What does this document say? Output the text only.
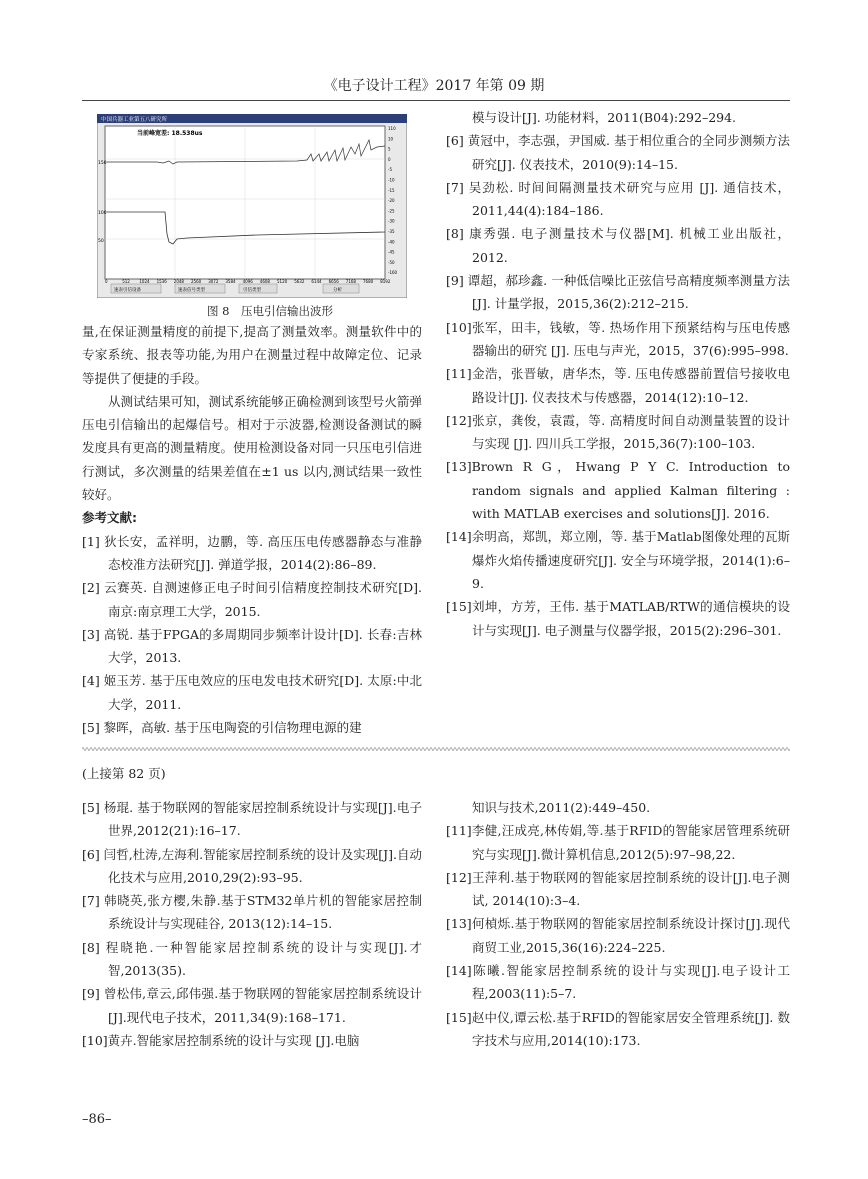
《电子设计工程》2017 年第 09 期
中国兵器工业第五八研究所
当前峰宽差: 18.538us
150
100
50
110
10
5
0
-5
-10
-15
-20
-25
-30
-35
-40
-45
-50
-160
0	512 1024 1536 2048 2560 3072 3584 4096 4608 5120 5632 6144 6656 7168 7680 8192
速表引信设备	速表信号类型	引信类型	分析
图 8　压电引信输出波形

量,在保证测量精度的前提下,提高了测量效率。测量软件中的专家系统、报表等功能,为用户在测量过程中故障定位、记录等提供了便捷的手段。

从测试结果可知，测试系统能够正确检测到该型号火箭弹压电引信输出的起爆信号。相对于示波器,检测设备测试的瞬发度具有更高的测量精度。使用检测设备对同一只压电引信进行测试，多次测量的结果差值在±1 us 以内,测试结果一致性较好。

参考文献:

[1] 狄长安，孟祥明，边鹏，等. 高压压电传感器静态与准静态校准方法研究[J]. 弹道学报，2014(2):86–89.

[2] 云赛英. 自测速修正电子时间引信精度控制技术研究[D]. 南京:南京理工大学，2015.

[3] 高锐. 基于FPGA的多周期同步频率计设计[D]. 长春:吉林大学，2013.

[4] 姬玉芳. 基于压电效应的压电发电技术研究[D]. 太原:中北大学，2011.

[5] 黎晖，高敏. 基于压电陶瓷的引信物理电源的建

模与设计[J]. 功能材料，2011(B04):292–294.

[6] 黄冠中，李志强，尹国威. 基于相位重合的全同步测频方法研究[J]. 仪表技术，2010(9):14–15.

[7] 吴劲松. 时间间隔测量技术研究与应用 [J]. 通信技术，2011,44(4):184–186.

[8] 康秀强. 电子测量技术与仪器[M]. 机械工业出版社，2012.

[9] 谭超，郝珍鑫. 一种低信噪比正弦信号高精度频率测量方法[J]. 计量学报，2015,36(2):212–215.

[10]张军，田丰，钱敏，等. 热场作用下预紧结构与压电传感器输出的研究 [J]. 压电与声光，2015，37(6):995–998.

[11]金浩，张晋敏，唐华杰，等. 压电传感器前置信号接收电路设计[J]. 仪表技术与传感器，2014(12):10–12.

[12]张京，龚俊，袁霞，等. 高精度时间自动测量装置的设计与实现 [J]. 四川兵工学报，2015,36(7):100–103.

[13]Brown R G，Hwang P Y C. Introduction to random signals and applied Kalman filtering : with MATLAB exercises and solutions[J]. 2016.

[14]余明高，郑凯，郑立刚，等. 基于Matlab图像处理的瓦斯爆炸火焰传播速度研究[J]. 安全与环境学报，2014(1):6–9.

[15]刘坤，方芳，王伟. 基于MATLAB/RTW的通信模块的设计与实现[J]. 电子测量与仪器学报，2015(2):296–301.

(上接第 82 页)

[5] 杨琨. 基于物联网的智能家居控制系统设计与实现[J].电子世界,2012(21):16–17.

[6] 闫哲,杜涛,左海利.智能家居控制系统的设计及实现[J].自动化技术与应用,2010,29(2):93–95.

[7] 韩晓英,张方樱,朱静.基于STM32单片机的智能家居控制系统设计与实现硅谷, 2013(12):14–15.

[8] 程晓艳.一种智能家居控制系统的设计与实现[J].才智,2013(35).

[9] 曾松伟,章云,邱伟强.基于物联网的智能家居控制系统设计[J].现代电子技术，2011,34(9):168–171.

[10]黄卉.智能家居控制系统的设计与实现 [J].电脑

知识与技术,2011(2):449–450.

[11]李健,汪成亮,林传娟,等.基于RFID的智能家居管理系统研究与实现[J].微计算机信息,2012(5):97–98,22.

[12]王萍利.基于物联网的智能家居控制系统的设计[J].电子测试, 2014(10):3–4.

[13]何楨烁.基于物联网的智能家居控制系统设计探讨[J].现代商贸工业,2015,36(16):224–225.

[14]陈曦.智能家居控制系统的设计与实现[J].电子设计工程,2003(11):5–7.

[15]赵中仪,谭云松.基于RFID的智能家居安全管理系统[J]. 数字技术与应用,2014(10):173.

–86–
